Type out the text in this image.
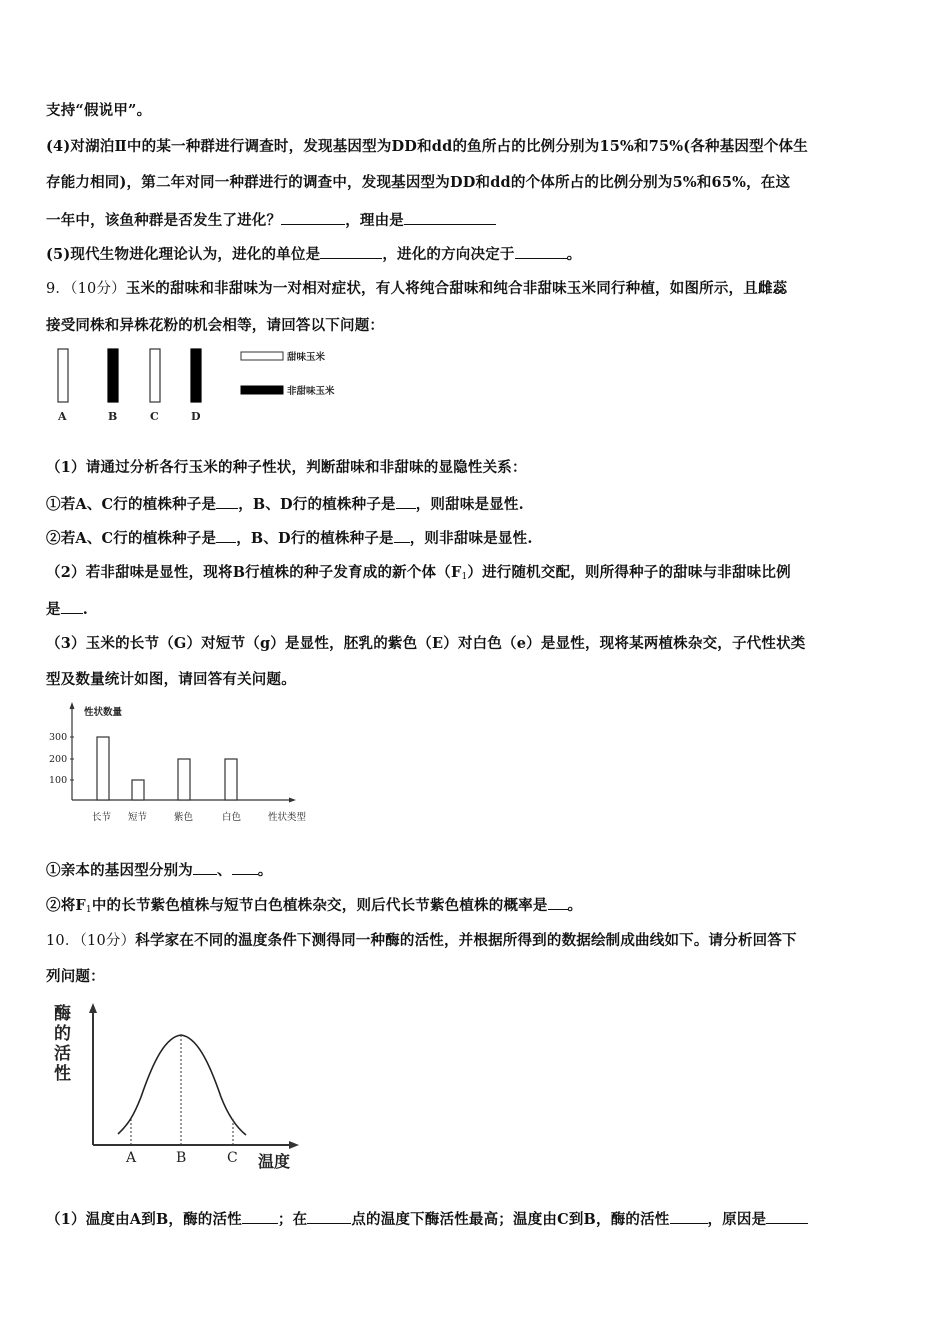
支持“假说甲”。
(4)对湖泊Ⅱ中的某一种群进行调查时，发现基因型为DD和dd的鱼所占的比例分别为15%和75%(各种基因型个体生
存能力相同)，第二年对同一种群进行的调查中，发现基因型为DD和dd的个体所占的比例分别为5%和65%，在这
一年中，该鱼种群是否发生了进化？	，理由是
(5)现代生物进化理论认为，进化的单位是	，进化的方向决定于	。
9．（10分）玉米的甜味和非甜味为一对相对症状，有人将纯合甜味和纯合非甜味玉米同行种植，如图所示，且雌蕊
接受同株和异株花粉的机会相等，请回答以下问题：
A	B	C	D
甜味玉米
非甜味玉米
（1）请通过分析各行玉米的种子性状，判断甜味和非甜味的显隐性关系：
①若A、C行的植株种子是 ，B、D行的植株种子是 ，则甜味是显性.
②若A、C行的植株种子是 ，B、D行的植株种子是 ，则非甜味是显性.
（2）若非甜味是显性，现将B行植株的种子发育成的新个体$(F_1)$进行随机交配，则所得种子的甜味与非甜味比例
是 .
（3）玉米的长节（G）对短节（g）是显性，胚乳的紫色（E）对白色（e）是显性，现将某两植株杂交，子代性状类
型及数量统计如图，请回答有关问题。
性状数量
300
200
100
长节 短节	紫色	白色	性状类型
①亲本的基因型分别为 、 。
②将$F_1$中的长节紫色植株与短节白色植株杂交，则后代长节紫色植株的概率是 。
10．（10分）科学家在不同的温度条件下测得同一种酶的活性，并根据所得到的数据绘制成曲线如下。请分析回答下
列问题：
酶
的
活
性
A	B	C 温度
（1）温度由A到B，酶的活性 ；在	点的温度下酶活性最高；温度由C到B，酶的活性	，原因是
